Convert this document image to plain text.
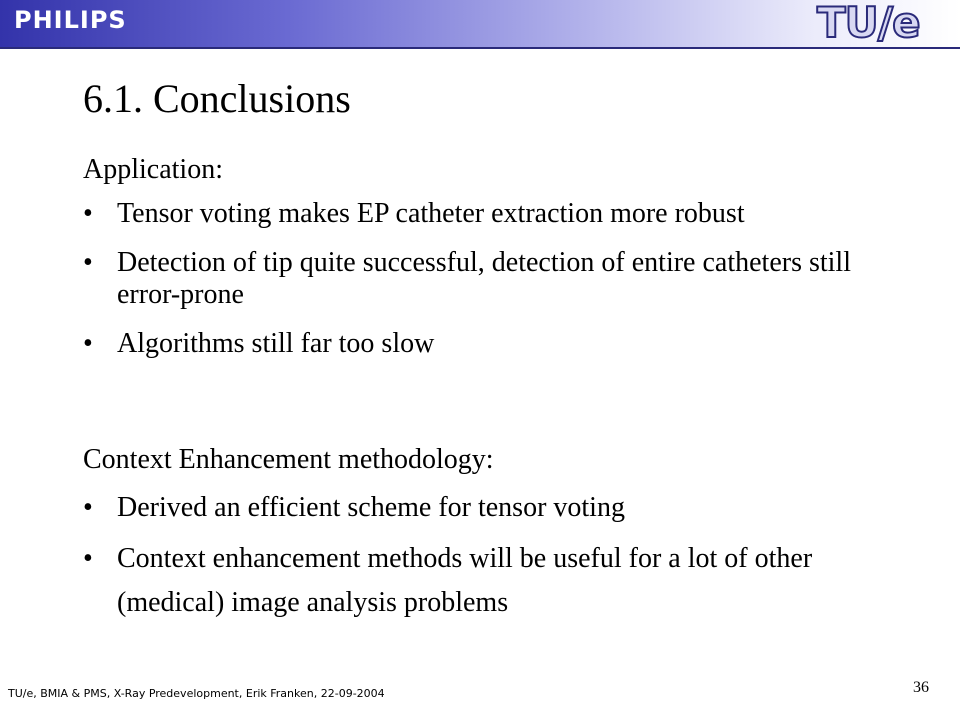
PHILIPS	TU/e
6.1. Conclusions
Application:
• Tensor voting makes EP catheter extraction more robust
• Detection of tip quite successful, detection of entire catheters still error-prone
• Algorithms still far too slow
Context Enhancement methodology:
• Derived an efficient scheme for tensor voting
• Context enhancement methods will be useful for a lot of other (medical) image analysis problems
TU/e, BMIA & PMS, X-Ray Predevelopment, Erik Franken, 22-09-2004	36
